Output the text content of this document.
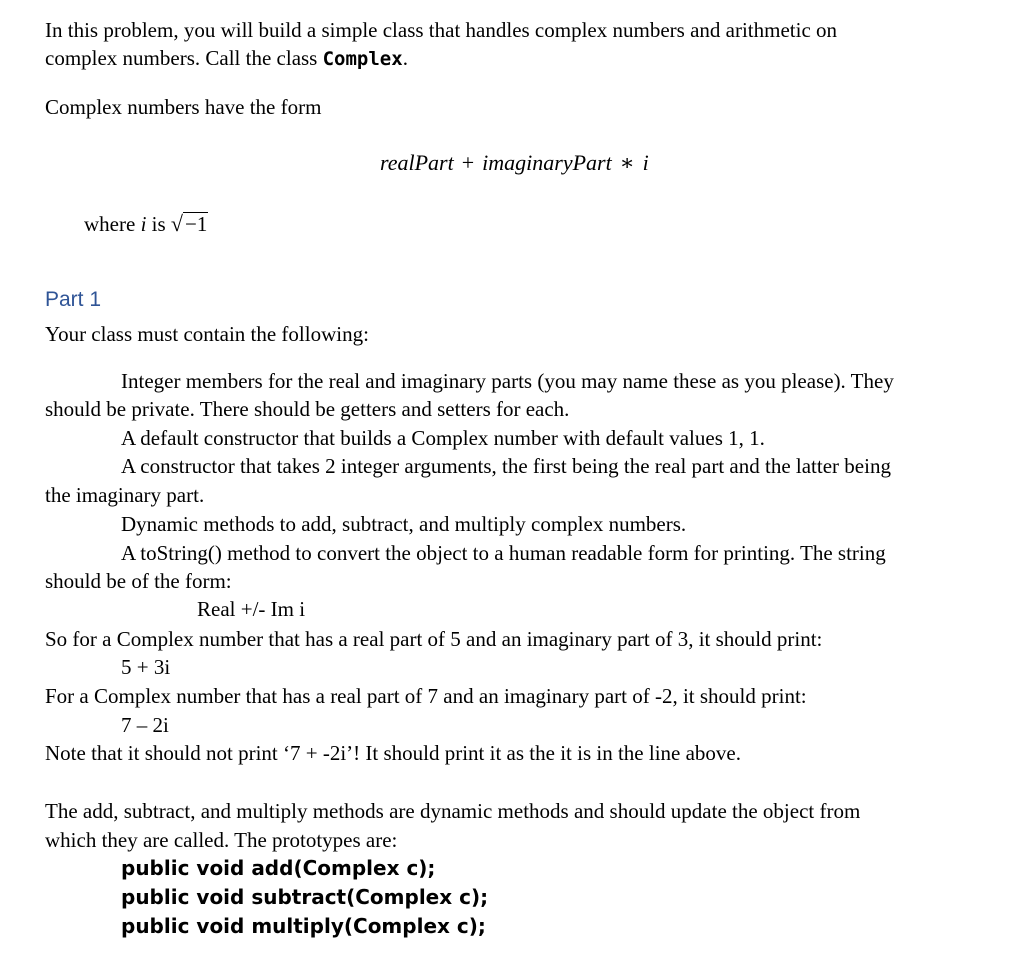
In this problem, you will build a simple class that handles complex numbers and arithmetic on
complex numbers. Call the class Complex.
Complex numbers have the form
realPart + imaginaryPart ∗ i
where i is √−1
Part 1
Your class must contain the following:
Integer members for the real and imaginary parts (you may name these as you please). They
should be private. There should be getters and setters for each.
A default constructor that builds a Complex number with default values 1, 1.
A constructor that takes 2 integer arguments, the first being the real part and the latter being
the imaginary part.
Dynamic methods to add, subtract, and multiply complex numbers.
A toString() method to convert the object to a human readable form for printing. The string
should be of the form:
Real +/- Im i
So for a Complex number that has a real part of 5 and an imaginary part of 3, it should print:
5 + 3i
For a Complex number that has a real part of 7 and an imaginary part of -2, it should print:
7 – 2i
Note that it should not print ‘7 + -2i’! It should print it as the it is in the line above.
The add, subtract, and multiply methods are dynamic methods and should update the object from
which they are called. The prototypes are:
public void add(Complex c);
public void subtract(Complex c);
public void multiply(Complex c);
